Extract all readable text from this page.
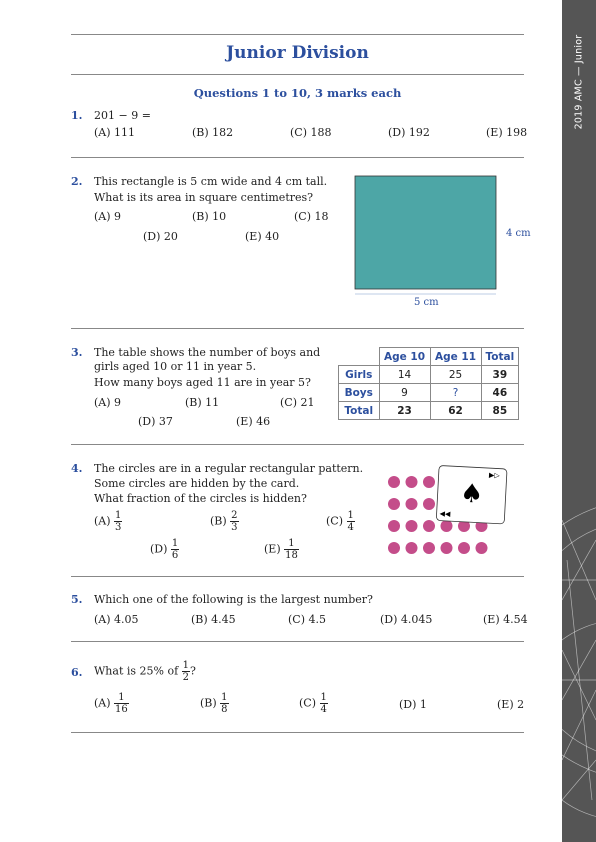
2019 AMC — Junior
Junior Division
Questions 1 to 10, 3 marks each
1. 201 − 9 =
(A) 111	(B) 182	(C) 188	(D) 192	(E) 198
2. This rectangle is 5 cm wide and 4 cm tall.
What is its area in square centimetres?
(A) 9	(B) 10	(C) 18
(D) 20	(E) 40
5 cm
4 cm
3. The table shows the number of boys and
girls aged 10 or 11 in year 5.
How many boys aged 11 are in year 5?
(A) 9	(B) 11	(C) 21
(D) 37	(E) 46
	Age 10	Age 11	Total
Girls	14	25	39
Boys	9	?	46
Total	23	62	85
4. The circles are in a regular rectangular pattern.
Some circles are hidden by the card.
What fraction of the circles is hidden?
$(A) \frac{1}{3}$	$(B) \frac{2}{3}$	$(C) \frac{1}{4}$
$(D) \frac{1}{6}$	$(E) \frac{1}{18}$
▶▷
◀◀
♠
5. Which one of the following is the largest number?
(A) 4.05	(B) 4.45	(C) 4.5	(D) 4.045	(E) 4.54
6. What is 25% of $\frac{1}{2}$ ?
$(A) \frac{1}{16}$	$(B) \frac{1}{8}$	$(C) \frac{1}{4}$	(D) 1	(E) 2
